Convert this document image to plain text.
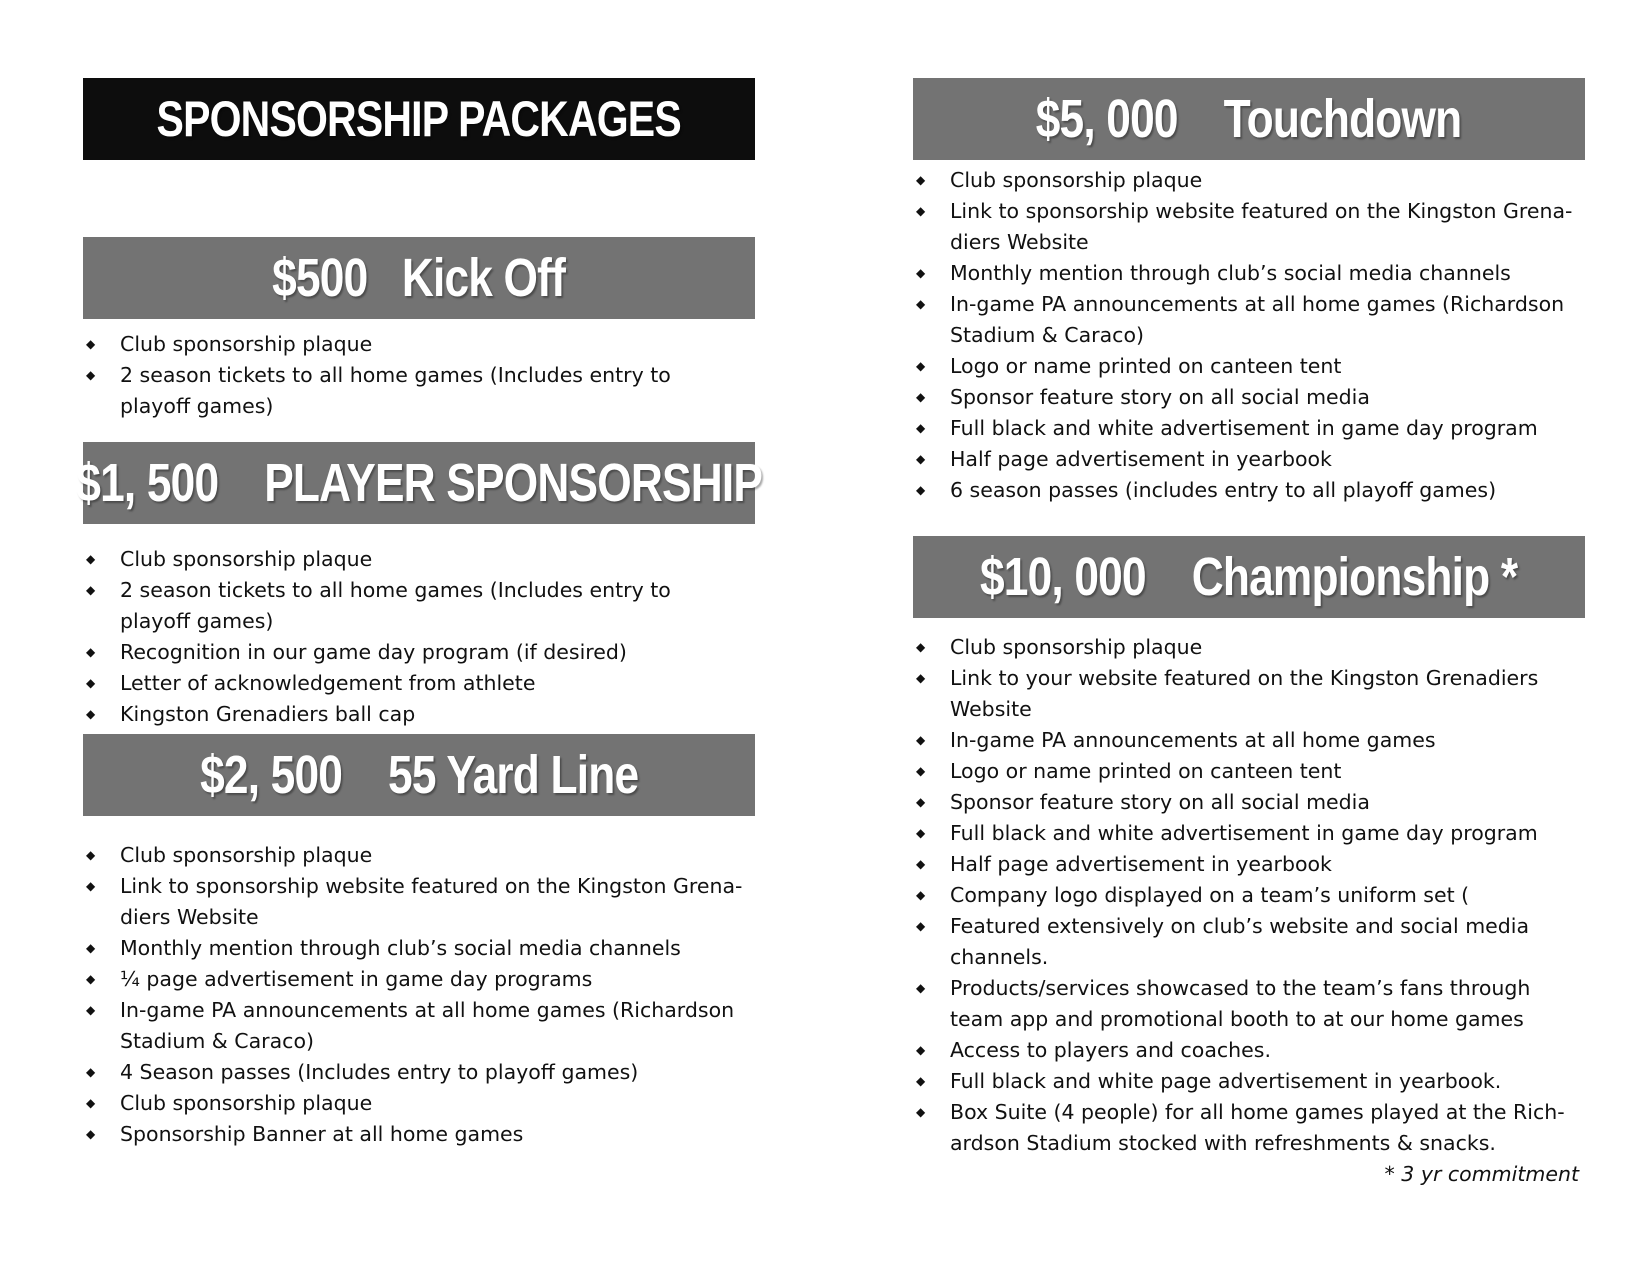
SPONSORSHIP PACKAGES
$500   Kick Off
◆ Club sponsorship plaque
◆ 2 season tickets to all home games (Includes entry to playoff games)
$1, 500    PLAYER SPONSORSHIP
◆ Club sponsorship plaque
◆ 2 season tickets to all home games (Includes entry to playoff games)
◆ Recognition in our game day program (if desired)
◆ Letter of acknowledgement from athlete
◆ Kingston Grenadiers ball cap
$2, 500    55 Yard Line
◆ Club sponsorship plaque
◆ Link to sponsorship website featured on the Kingston Grena-diers Website
◆ Monthly mention through club’s social media channels
◆ ¼ page advertisement in game day programs
◆ In-game PA announcements at all home games (Richardson Stadium & Caraco)
◆ 4 Season passes (Includes entry to playoff games)
◆ Club sponsorship plaque
◆ Sponsorship Banner at all home games
$5, 000    Touchdown
◆ Club sponsorship plaque
◆ Link to sponsorship website featured on the Kingston Grena-diers Website
◆ Monthly mention through club’s social media channels
◆ In-game PA announcements at all home games (Richardson Stadium & Caraco)
◆ Logo or name printed on canteen tent
◆ Sponsor feature story on all social media
◆ Full black and white advertisement in game day program
◆ Half page advertisement in yearbook
◆ 6 season passes (includes entry to all playoff games)
$10, 000    Championship *
◆ Club sponsorship plaque
◆ Link to your website featured on the Kingston Grenadiers Website
◆ In-game PA announcements at all home games
◆ Logo or name printed on canteen tent
◆ Sponsor feature story on all social media
◆ Full black and white advertisement in game day program
◆ Half page advertisement in yearbook
◆ Company logo displayed on a team’s uniform set (
◆ Featured extensively on club’s website and social media channels.
◆ Products/services showcased to the team’s fans through team app and promotional booth to at our home games
◆ Access to players and coaches.
◆ Full black and white page advertisement in yearbook.
◆ Box Suite (4 people) for all home games played at the Rich-ardson Stadium stocked with refreshments & snacks.
* 3 yr commitment
